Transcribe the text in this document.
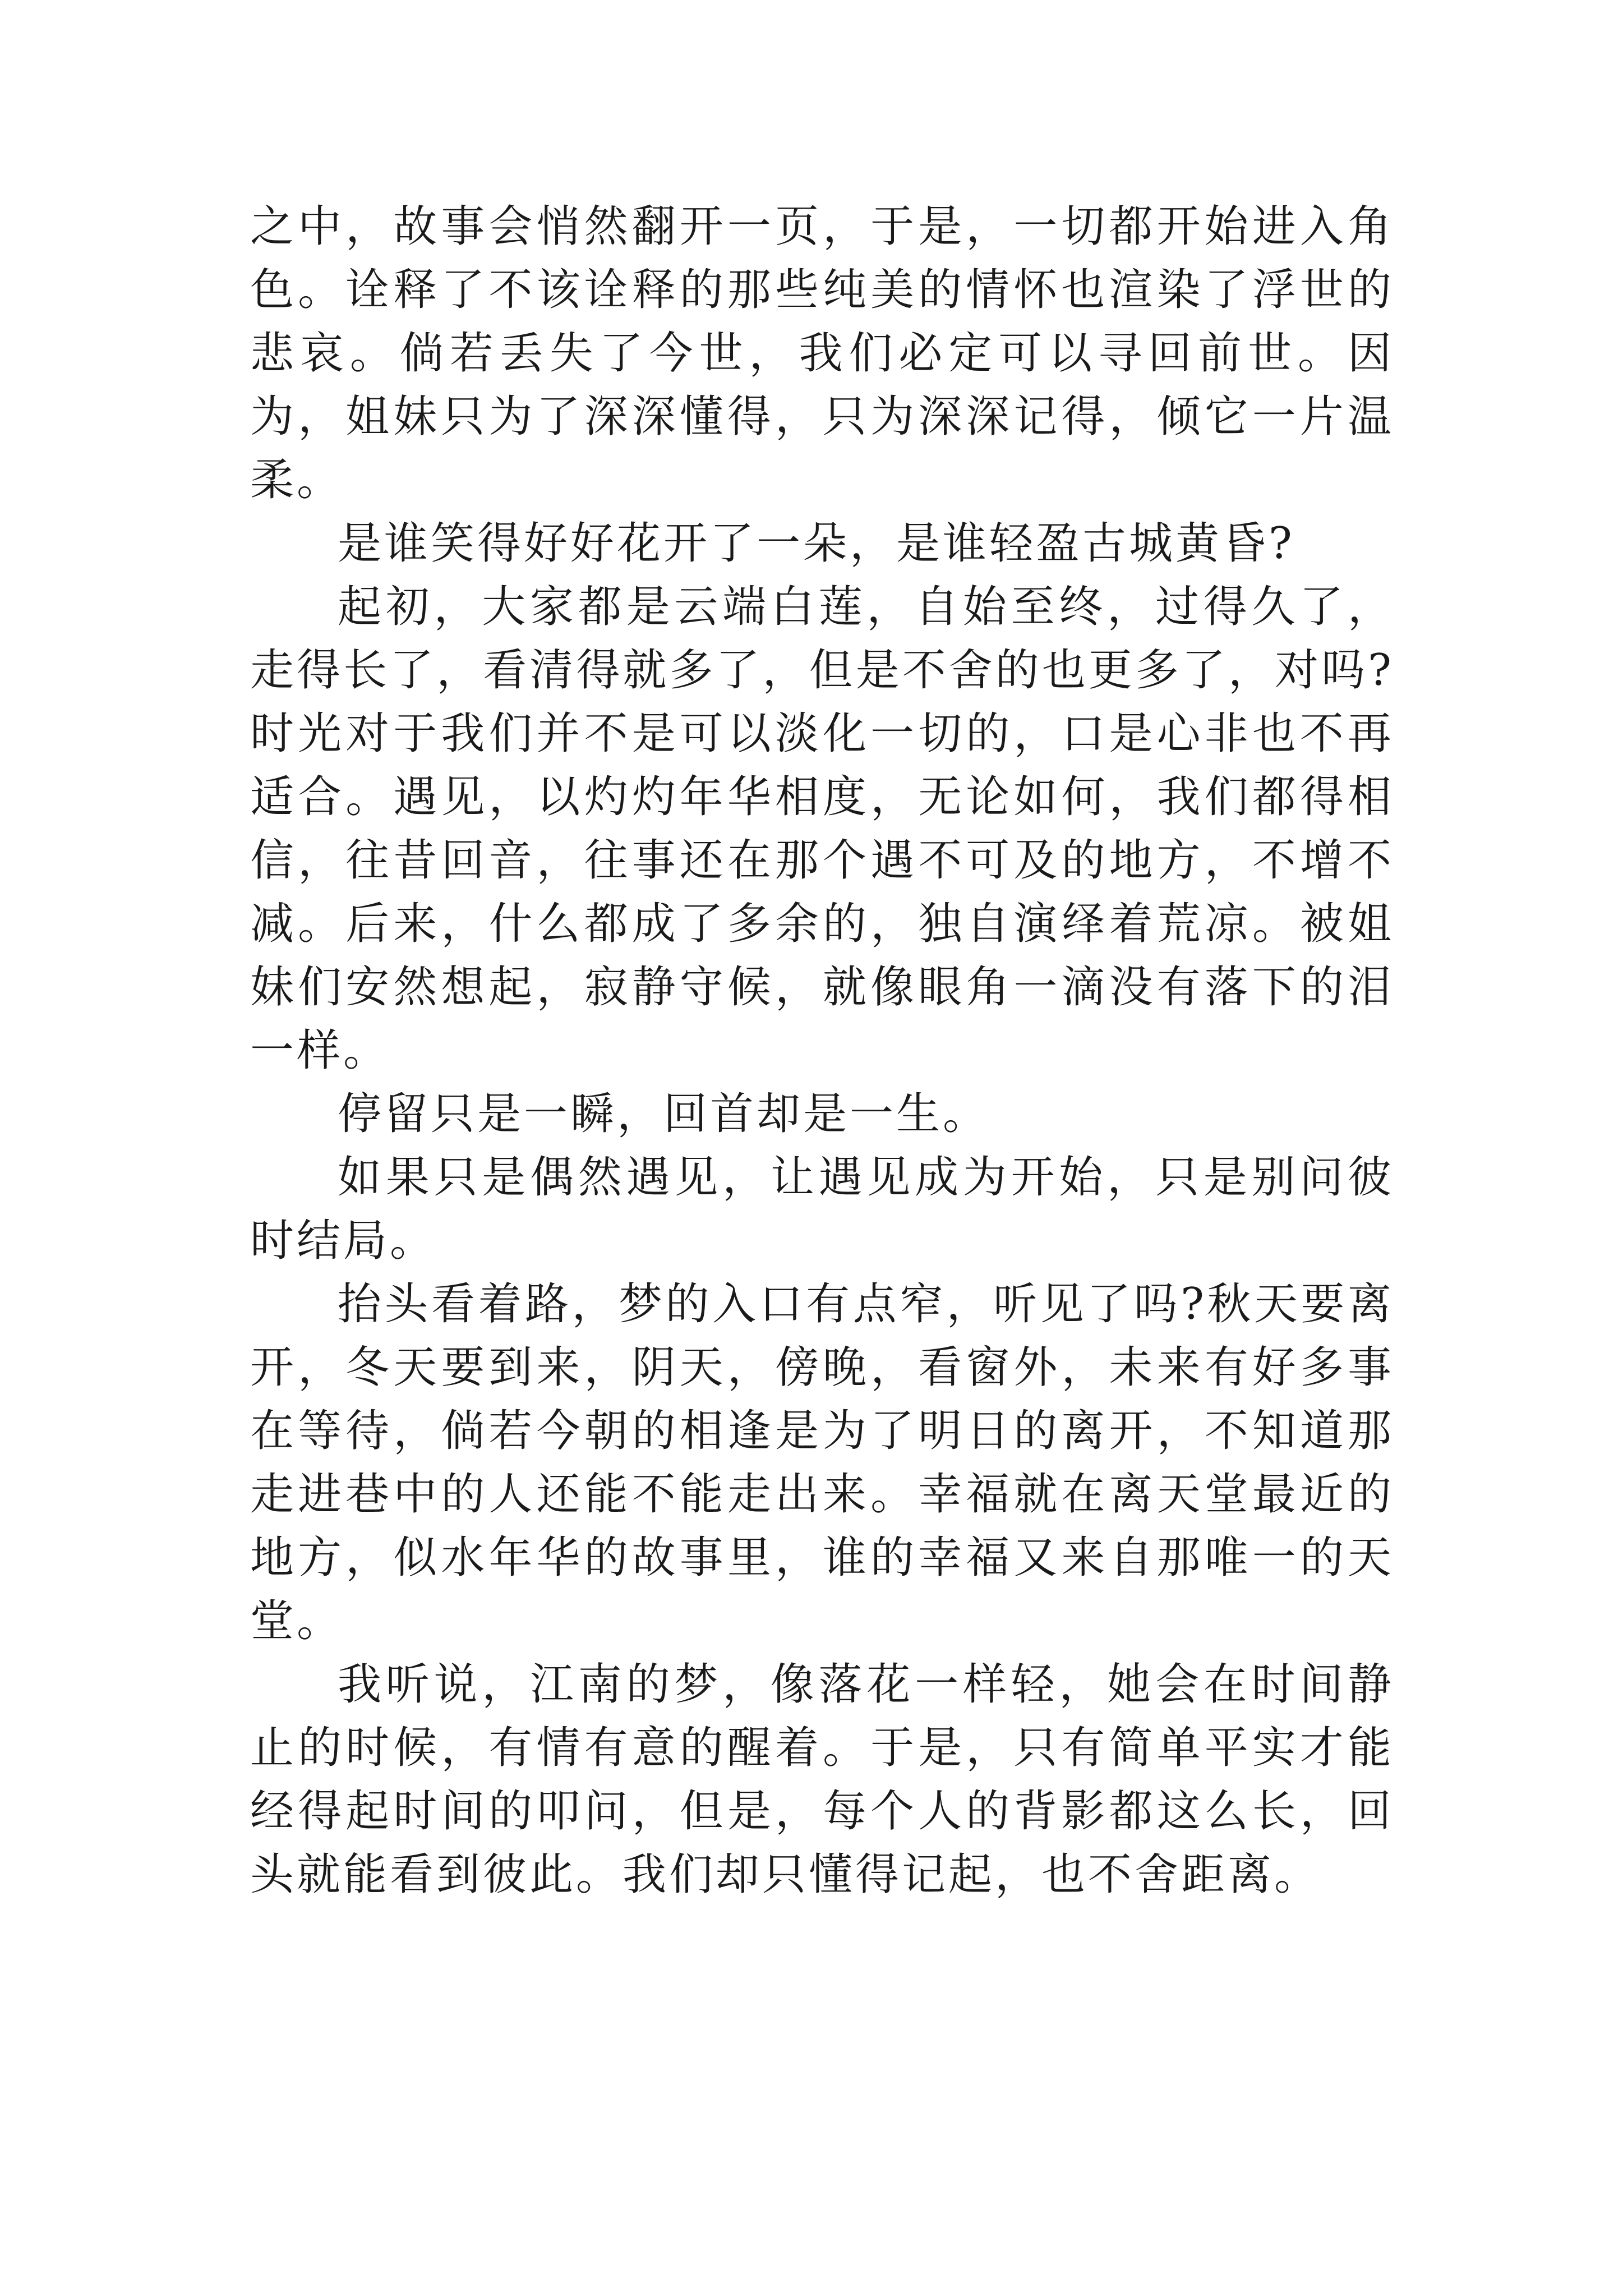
之中，故事会悄然翻开一页，于是，一切都开始进入角色。诠释了不该诠释的那些纯美的情怀也渲染了浮世的悲哀。倘若丢失了今世，我们必定可以寻回前世。因为，姐妹只为了深深懂得，只为深深记得，倾它一片温柔。

是谁笑得好好花开了一朵，是谁轻盈古城黄昏?

起初，大家都是云端白莲，自始至终，过得久了，走得长了，看清得就多了，但是不舍的也更多了，对吗?时光对于我们并不是可以淡化一切的，口是心非也不再适合。遇见，以灼灼年华相度，无论如何，我们都得相信，往昔回音，往事还在那个遇不可及的地方，不增不减。后来，什么都成了多余的，独自演绎着荒凉。被姐妹们安然想起，寂静守候，就像眼角一滴没有落下的泪一样。

停留只是一瞬，回首却是一生。

如果只是偶然遇见，让遇见成为开始，只是别问彼时结局。

抬头看着路，梦的入口有点窄，听见了吗?秋天要离开，冬天要到来，阴天，傍晚，看窗外，未来有好多事在等待，倘若今朝的相逢是为了明日的离开，不知道那走进巷中的人还能不能走出来。幸福就在离天堂最近的地方，似水年华的故事里，谁的幸福又来自那唯一的天堂。

我听说，江南的梦，像落花一样轻，她会在时间静止的时候，有情有意的醒着。于是，只有简单平实才能经得起时间的叩问，但是，每个人的背影都这么长，回头就能看到彼此。我们却只懂得记起，也不舍距离。
